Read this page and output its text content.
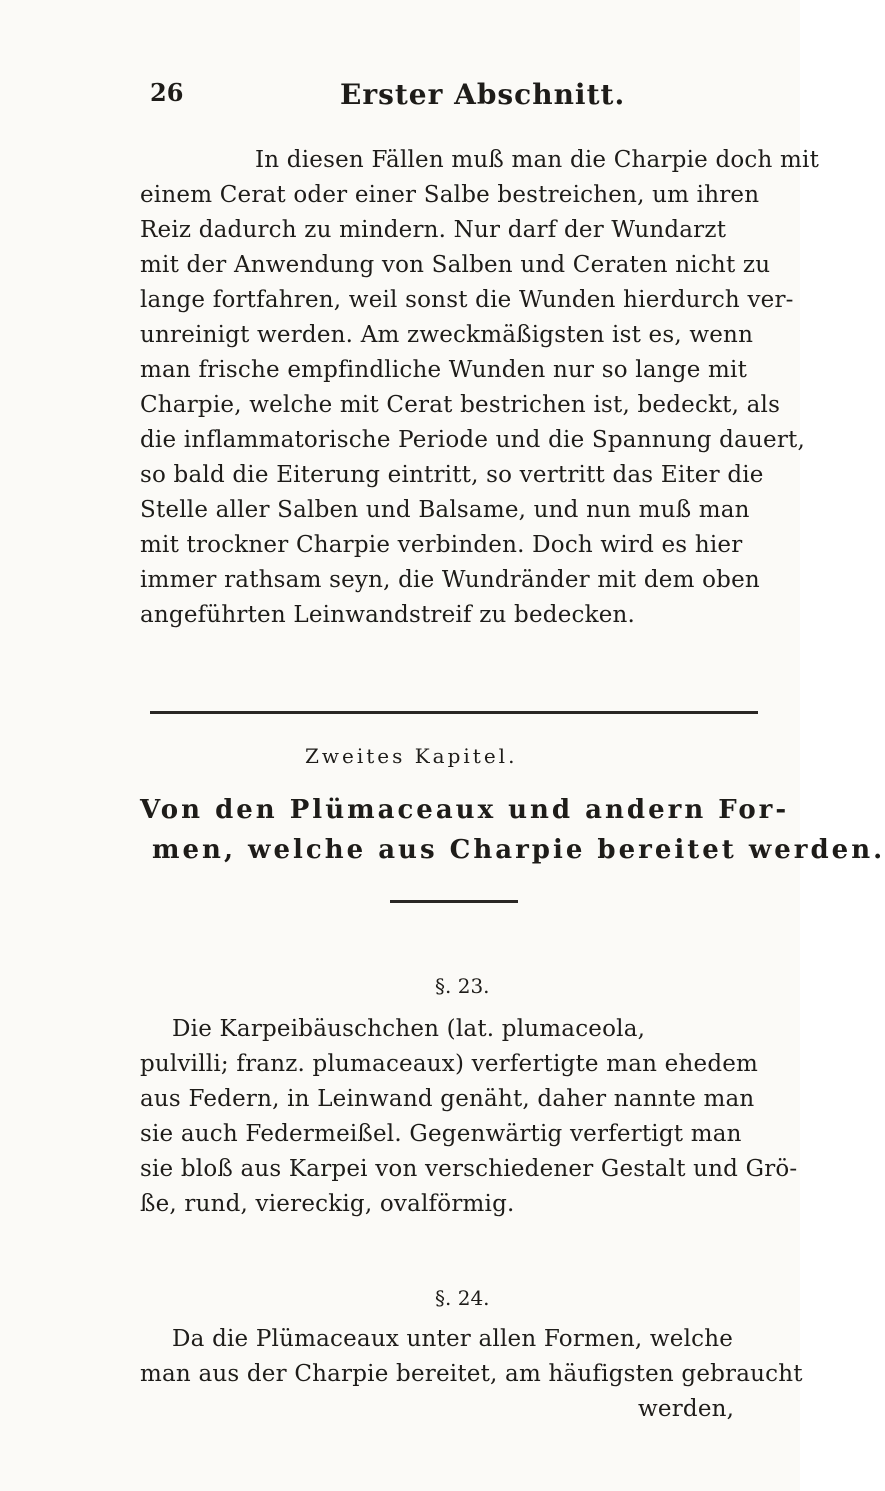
26	Erster Abschnitt.

In diesen Fällen muß man die Charpie doch mit

einem Cerat oder einer Salbe bestreichen, um ihren

Reiz dadurch zu mindern. Nur darf der Wundarzt

mit der Anwendung von Salben und Ceraten nicht zu

lange fortfahren, weil sonst die Wunden hierdurch ver-

unreinigt werden. Am zweckmäßigsten ist es, wenn

man frische empfindliche Wunden nur so lange mit

Charpie, welche mit Cerat bestrichen ist, bedeckt, als

die inflammatorische Periode und die Spannung dauert,

so bald die Eiterung eintritt, so vertritt das Eiter die

Stelle aller Salben und Balsame, und nun muß man

mit trockner Charpie verbinden. Doch wird es hier

immer rathsam seyn, die Wundränder mit dem oben

angeführten Leinwandstreif zu bedecken.

Zweites Kapitel.

Von den Plümaceaux und andern For-

men, welche aus Charpie bereitet werden.

§. 23.

Die Karpeibäuschchen (lat. plumaceola,

pulvilli; franz. plumaceaux) verfertigte man ehedem

aus Federn, in Leinwand genäht, daher nannte man

sie auch Federmeißel. Gegenwärtig verfertigt man

sie bloß aus Karpei von verschiedener Gestalt und Grö-

ße, rund, viereckig, ovalförmig.

§. 24.

Da die Plümaceaux unter allen Formen, welche

man aus der Charpie bereitet, am häufigsten gebraucht

werden,
